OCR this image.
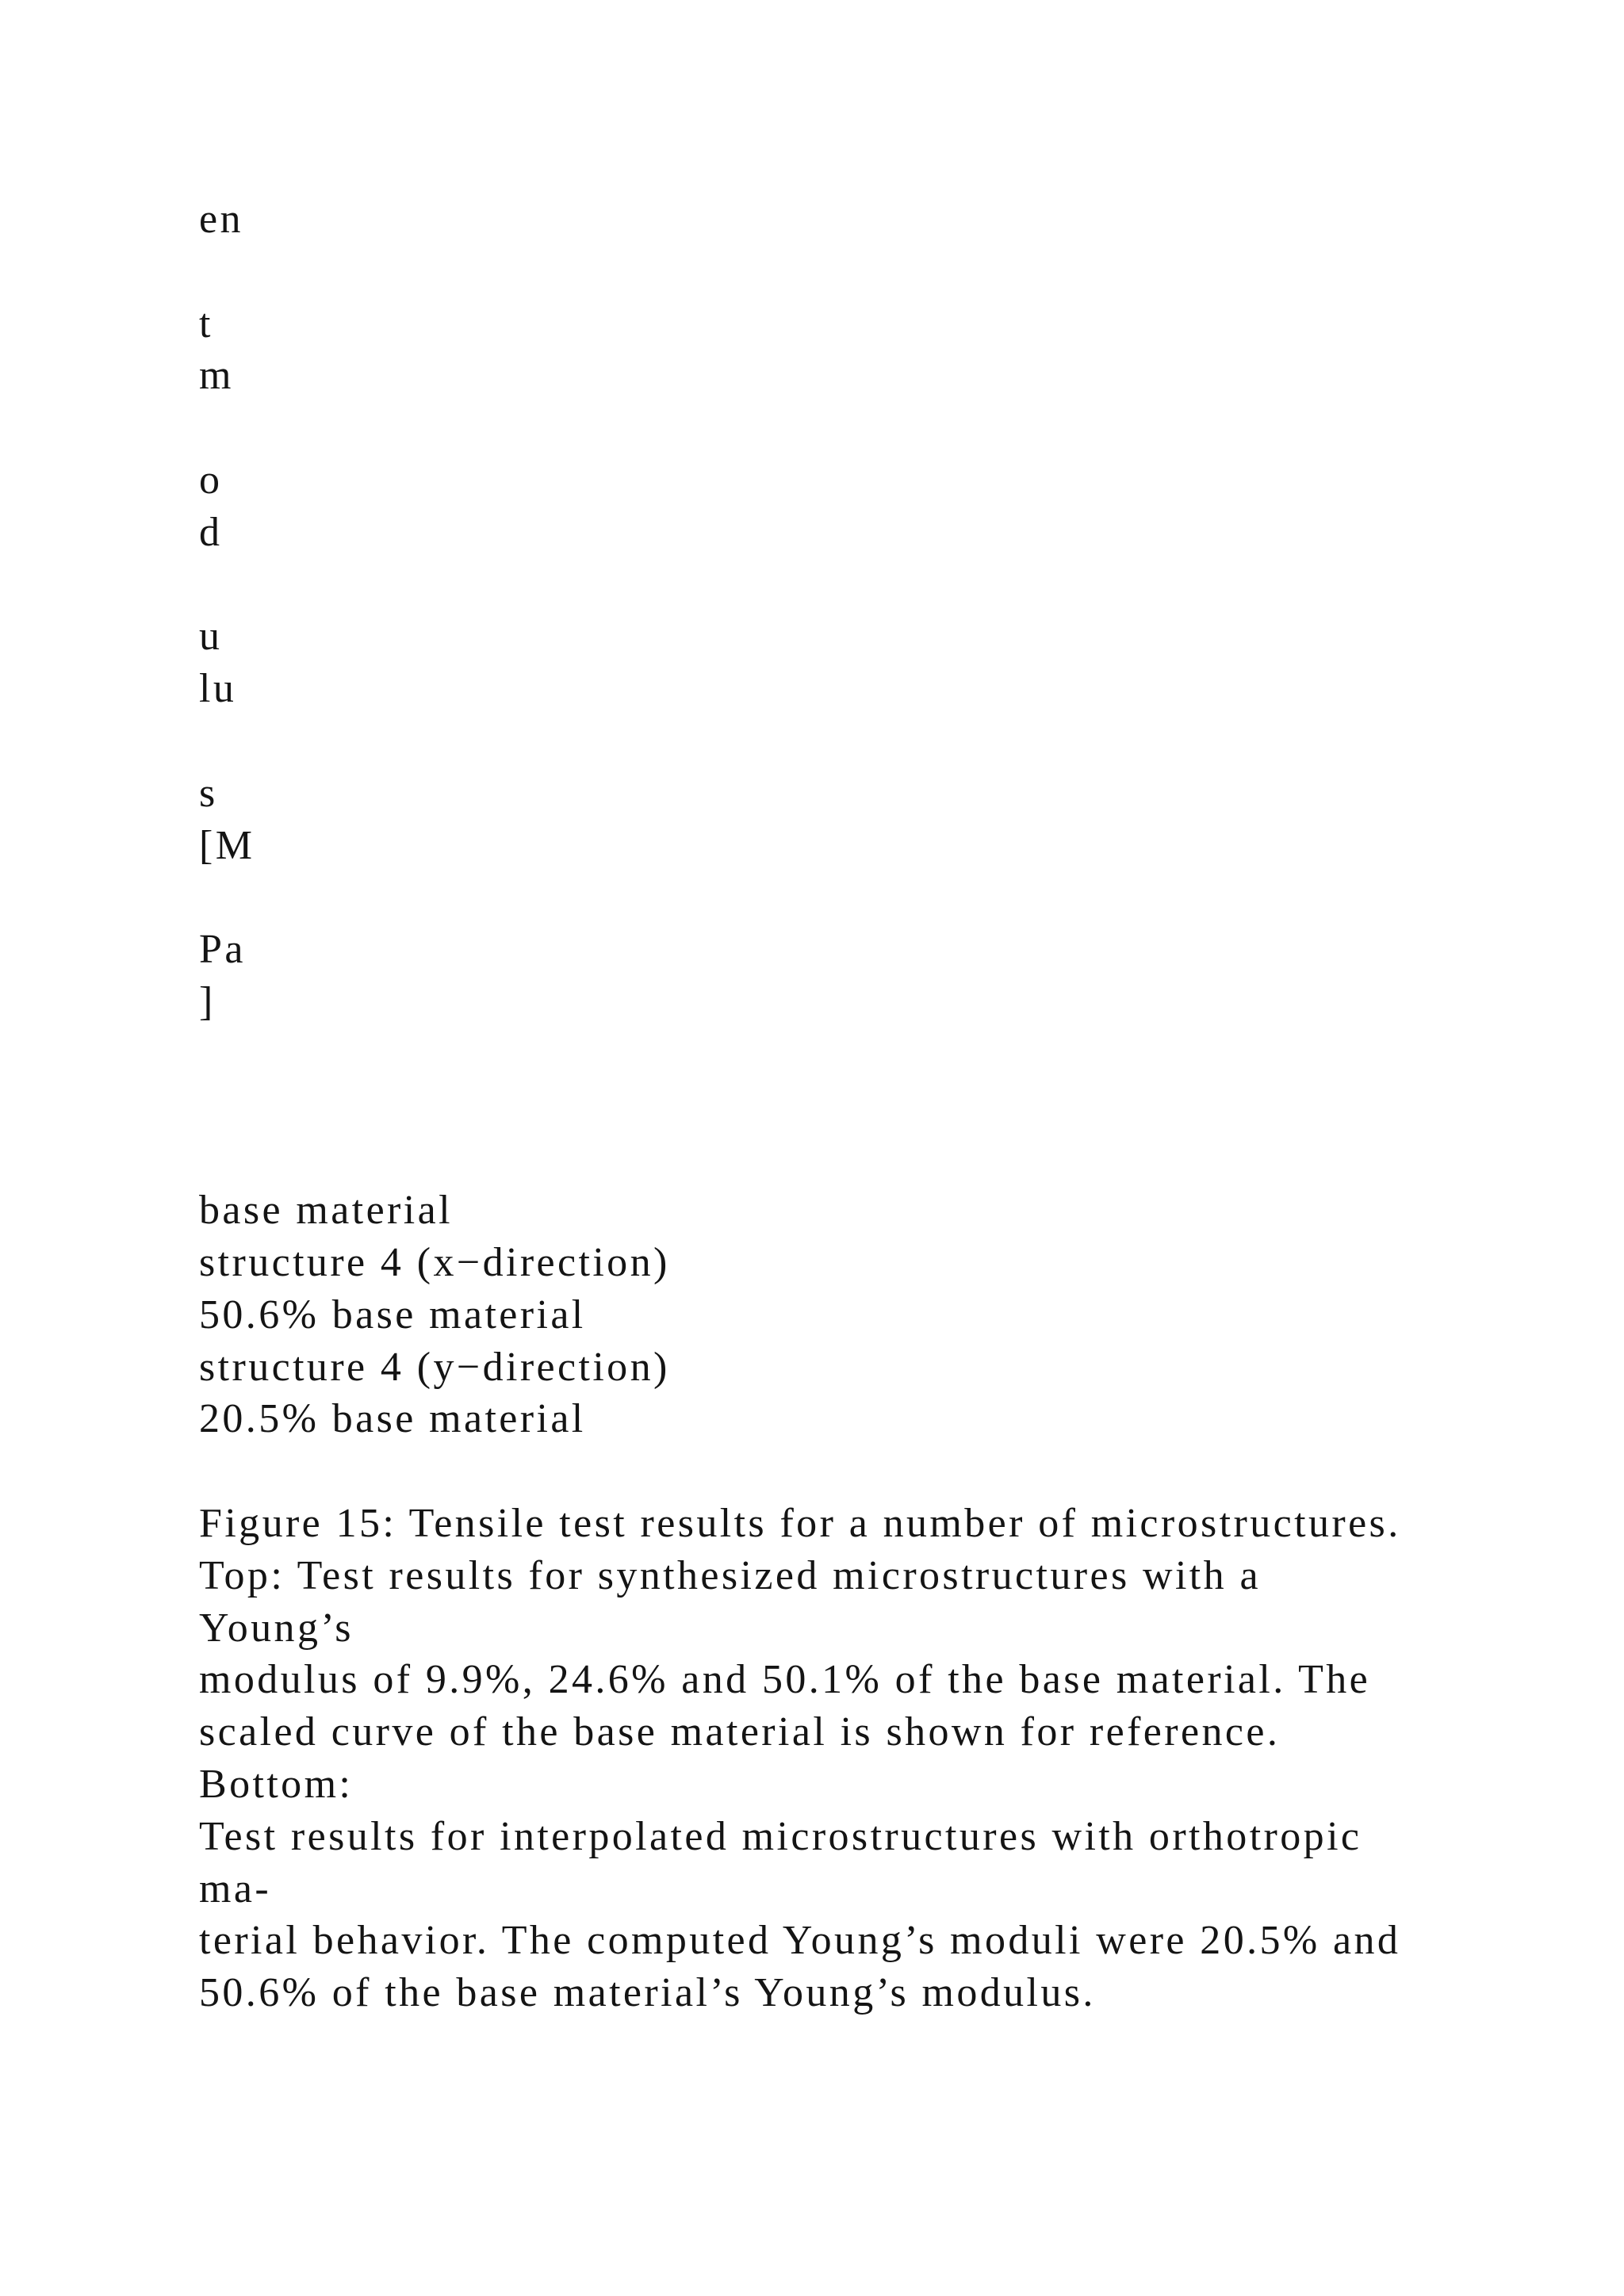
en
t
m
o
d
u
lu
s
[M
Pa
]
base material
structure 4 (x−direction)
50.6% base material
structure 4 (y−direction)
20.5% base material
Figure 15: Tensile test results for a number of microstructures.
Top: Test results for synthesized microstructures with a
Young’s
modulus of 9.9%, 24.6% and 50.1% of the base material. The
scaled curve of the base material is shown for reference.
Bottom:
Test results for interpolated microstructures with orthotropic
ma-
terial behavior. The computed Young’s moduli were 20.5% and
50.6% of the base material’s Young’s modulus.
